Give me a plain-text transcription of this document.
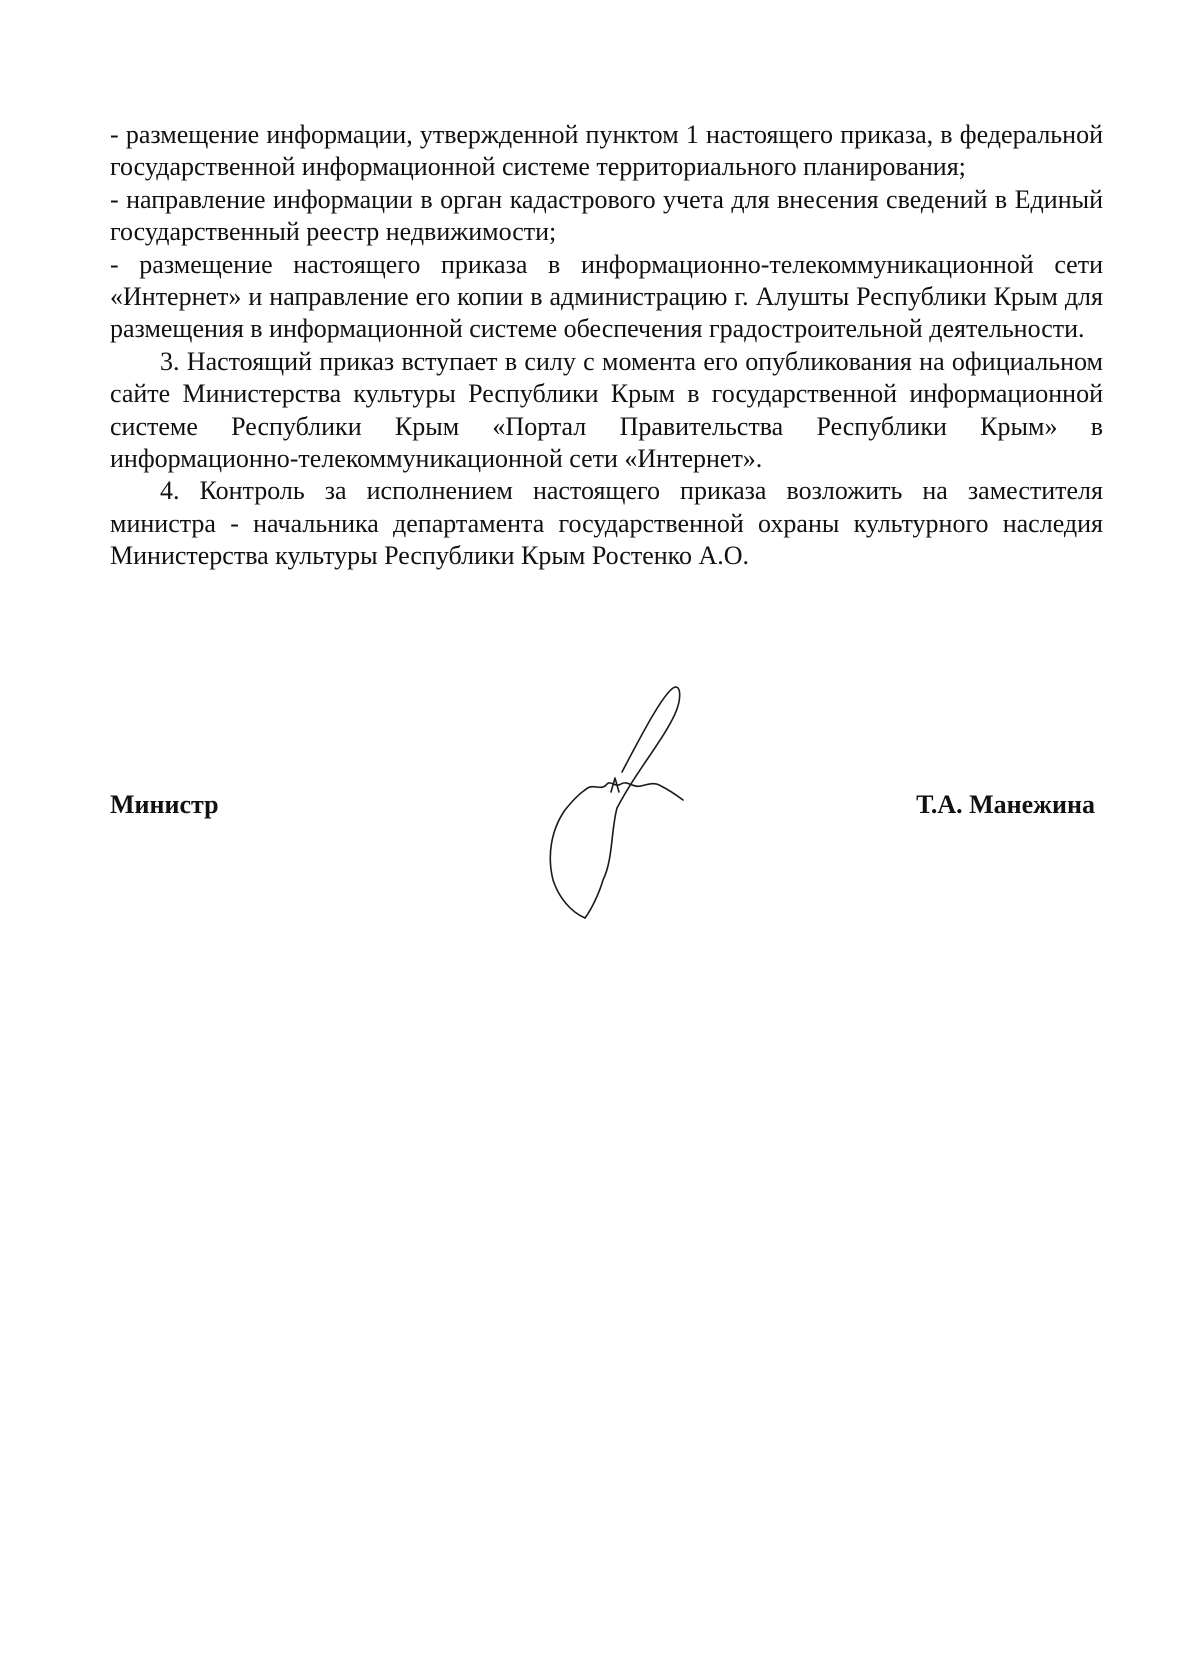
- размещение информации, утвержденной пунктом 1 настоящего приказа, в федеральной государственной информационной системе территориального планирования;

- направление информации в орган кадастрового учета для внесения сведений в Единый государственный реестр недвижимости;

- размещение настоящего приказа в информационно-телекоммуникационной сети «Интернет» и направление его копии в администрацию г. Алушты Республики Крым для размещения в информационной системе обеспечения градостроительной деятельности.

3. Настоящий приказ вступает в силу с момента его опубликования на официальном сайте Министерства культуры Республики Крым в государственной информационной системе Республики Крым «Портал Правительства Республики Крым» в информационно-телекоммуникационной сети «Интернет».

4. Контроль за исполнением настоящего приказа возложить на заместителя министра - начальника департамента государственной охраны культурного наследия Министерства культуры Республики Крым Ростенко А.О.

Министр	Т.А. Манежина
